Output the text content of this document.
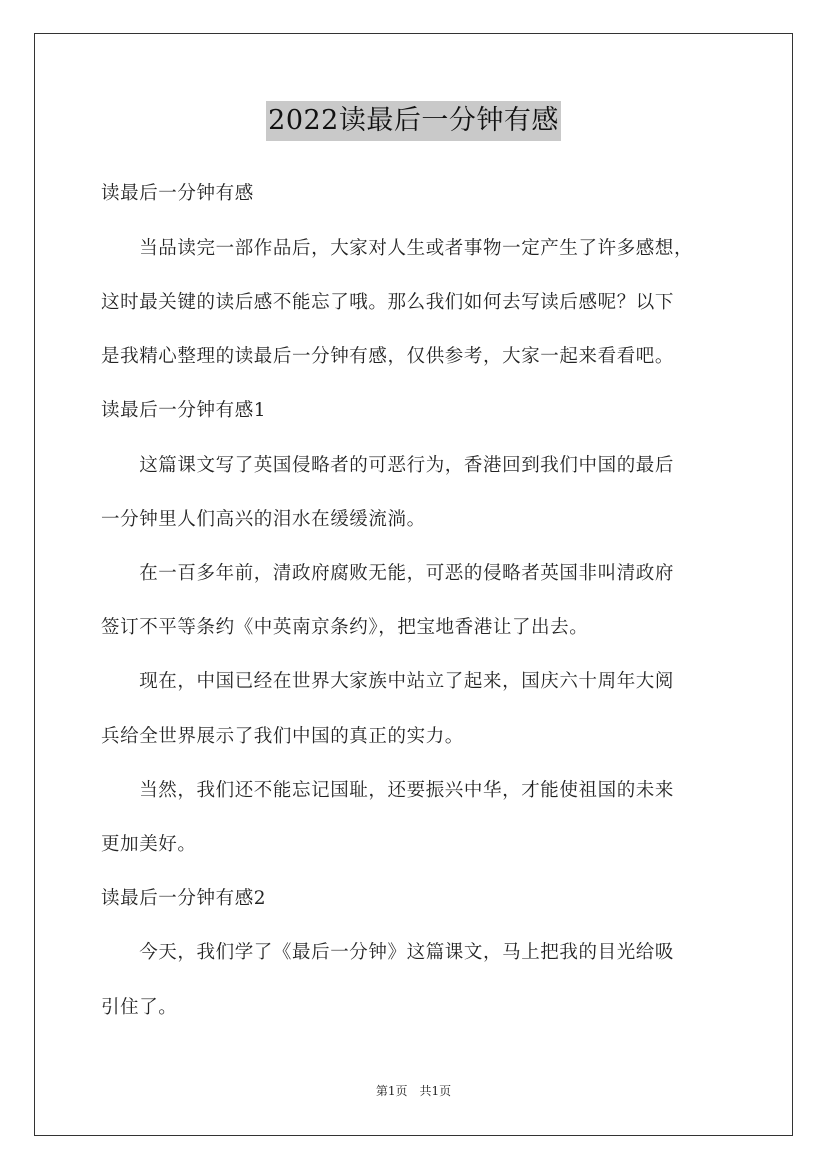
2022读最后一分钟有感
读最后一分钟有感
　　当品读完一部作品后，大家对人生或者事物一定产生了许多感想，
这时最关键的读后感不能忘了哦。那么我们如何去写读后感呢？以下
是我精心整理的读最后一分钟有感，仅供参考，大家一起来看看吧。
读最后一分钟有感1
　　这篇课文写了英国侵略者的可恶行为，香港回到我们中国的最后
一分钟里人们高兴的泪水在缓缓流淌。
　　在一百多年前，清政府腐败无能，可恶的侵略者英国非叫清政府
签订不平等条约《中英南京条约》，把宝地香港让了出去。
　　现在，中国已经在世界大家族中站立了起来，国庆六十周年大阅
兵给全世界展示了我们中国的真正的实力。
　　当然，我们还不能忘记国耻，还要振兴中华，才能使祖国的未来
更加美好。
读最后一分钟有感2
　　今天，我们学了《最后一分钟》这篇课文，马上把我的目光给吸
引住了。
第1页　共1页
